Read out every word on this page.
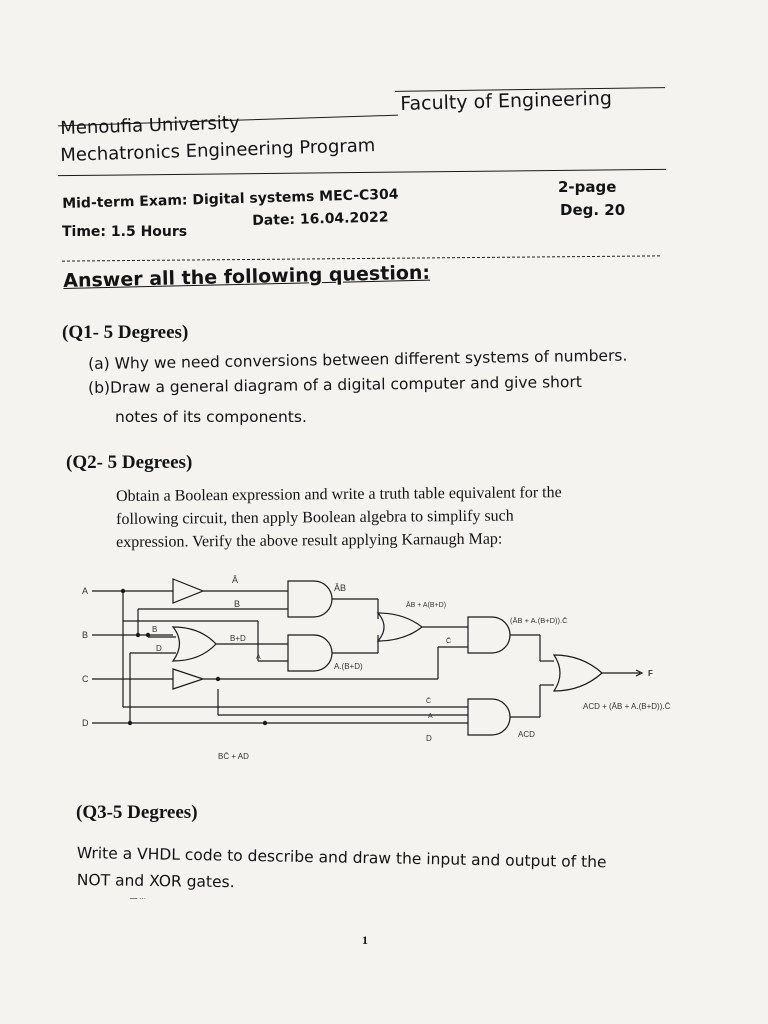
Faculty of Engineering
Menoufia University
Mechatronics Engineering Program
Mid-term Exam: Digital systems MEC-C304
Time: 1.5 Hours
Date: 16.04.2022
2-page
Deg. 20
Answer all the following question:
(Q1- 5 Degrees)
(a) Why we need conversions between different systems of numbers.
(b)Draw a general diagram of a digital computer and give short
notes of its components.
(Q2- 5 Degrees)
Obtain a Boolean expression and write a truth table equivalent for the
following circuit, then apply Boolean algebra to simplify such
expression. Verify the above result applying Karnaugh Map:
A
B
C
D
Ā
B
ĀB
B
D
B+D
A
A.(B+D)
ĀB + A(B+D)
C̄
(ĀB + A.(B+D)).C̄
F
C̄
A
D	ACD
ACD + (ĀB + A.(B+D)).C̄
BC̄ + AD
(Q3-5 Degrees)
Write a VHDL code to describe and draw the input and output of the
NOT and XOR gates.
ـــ ...
1
